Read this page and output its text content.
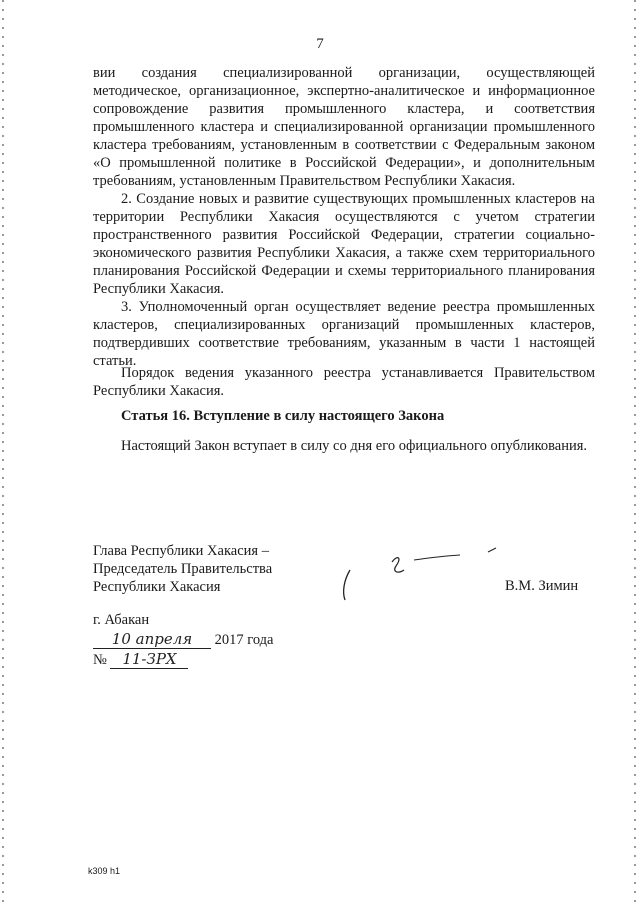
7

вии создания специализированной организации, осуществляющей методическое, организационное, экспертно-аналитическое и информационное сопровождение развития промышленного кластера, и соответствия промышленного кластера и специализированной организации промышленного кластера требованиям, установленным в соответствии с Федеральным законом «О промышленной политике в Российской Федерации», и дополнительным требованиям, установленным Правительством Республики Хакасия.

2. Создание новых и развитие существующих промышленных кластеров на территории Республики Хакасия осуществляются с учетом стратегии пространственного развития Российской Федерации, стратегии социально-экономического развития Республики Хакасия, а также схем территориального планирования Российской Федерации и схемы территориального планирования Республики Хакасия.

3. Уполномоченный орган осуществляет ведение реестра промышленных кластеров, специализированных организаций промышленных кластеров, подтвердивших соответствие требованиям, указанным в части 1 настоящей статьи.

Порядок ведения указанного реестра устанавливается Правительством Республики Хакасия.

Статья 16. Вступление в силу настоящего Закона

Настоящий Закон вступает в силу со дня его официального опубликования.

Глава Республики Хакасия –
Председатель Правительства
Республики Хакасия	В.М. Зимин
г. Абакан
10 апреля 2017 года
№ 11-ЗРХ
k309 h1
